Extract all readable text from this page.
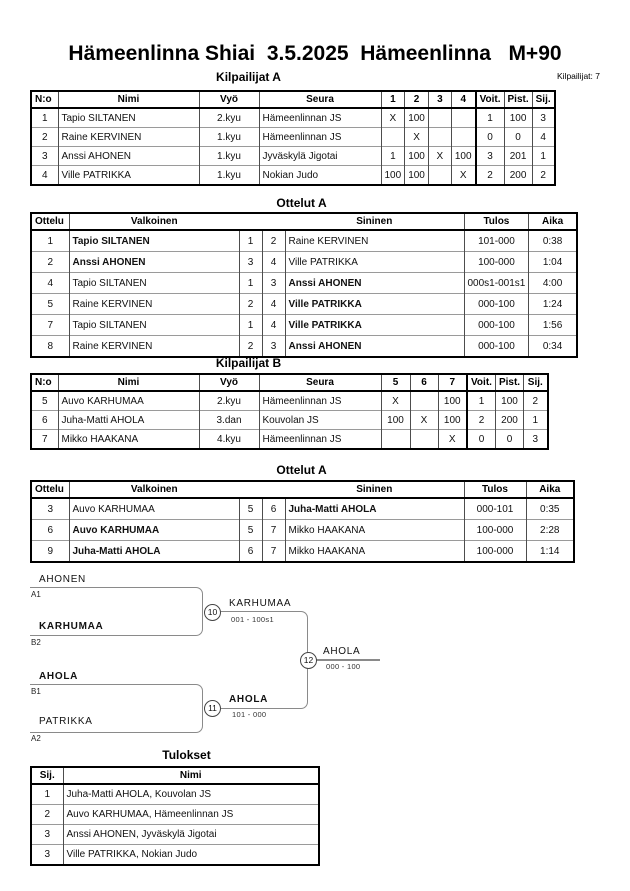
Hämeenlinna Shiai  3.5.2025  Hämeenlinna   M+90
Kilpailijat A	Kilpailijat: 7
N:o	Nimi	Vyö	Seura	1	2	3	4	Voit.	Pist.	Sij.
1	Tapio SILTANEN	2.kyu	Hämeenlinnan JS	X	100			1	100	3
2	Raine KERVINEN	1.kyu	Hämeenlinnan JS		X			0	0	4
3	Anssi AHONEN	1.kyu	Jyväskylä Jigotai	1	100	X	100	3	201	1
4	Ville PATRIKKA	1.kyu	Nokian Judo	100	100		X	2	200	2
Ottelut A
Ottelu	Valkoinen			Sininen	Tulos	Aika
1	Tapio SILTANEN	1	2	Raine KERVINEN	101-000	0:38
2	Anssi AHONEN	3	4	Ville PATRIKKA	100-000	1:04
4	Tapio SILTANEN	1	3	Anssi AHONEN	000s1-001s1	4:00
5	Raine KERVINEN	2	4	Ville PATRIKKA	000-100	1:24
7	Tapio SILTANEN	1	4	Ville PATRIKKA	000-100	1:56
8	Raine KERVINEN	2	3	Anssi AHONEN	000-100	0:34
Kilpailijat B
N:o	Nimi	Vyö	Seura	5	6	7	Voit.	Pist.	Sij.
5	Auvo KARHUMAA	2.kyu	Hämeenlinnan JS	X		100	1	100	2
6	Juha-Matti AHOLA	3.dan	Kouvolan JS	100	X	100	2	200	1
7	Mikko HAAKANA	4.kyu	Hämeenlinnan JS			X	0	0	3
Ottelut A
Ottelu	Valkoinen			Sininen	Tulos	Aika
3	Auvo KARHUMAA	5	6	Juha-Matti AHOLA	000-101	0:35
6	Auvo KARHUMAA	5	7	Mikko HAAKANA	100-000	2:28
9	Juha-Matti AHOLA	6	7	Mikko HAAKANA	100-000	1:14
AHONEN
A1
KARHUMAA
B2
AHOLA
B1
PATRIKKA
A2
10
KARHUMAA
001 - 100s1
11
AHOLA
101 - 000
12
AHOLA
000 - 100
Tulokset
Sij.	Nimi
1	Juha-Matti AHOLA, Kouvolan JS
2	Auvo KARHUMAA, Hämeenlinnan JS
3	Anssi AHONEN, Jyväskylä Jigotai
3	Ville PATRIKKA, Nokian Judo
